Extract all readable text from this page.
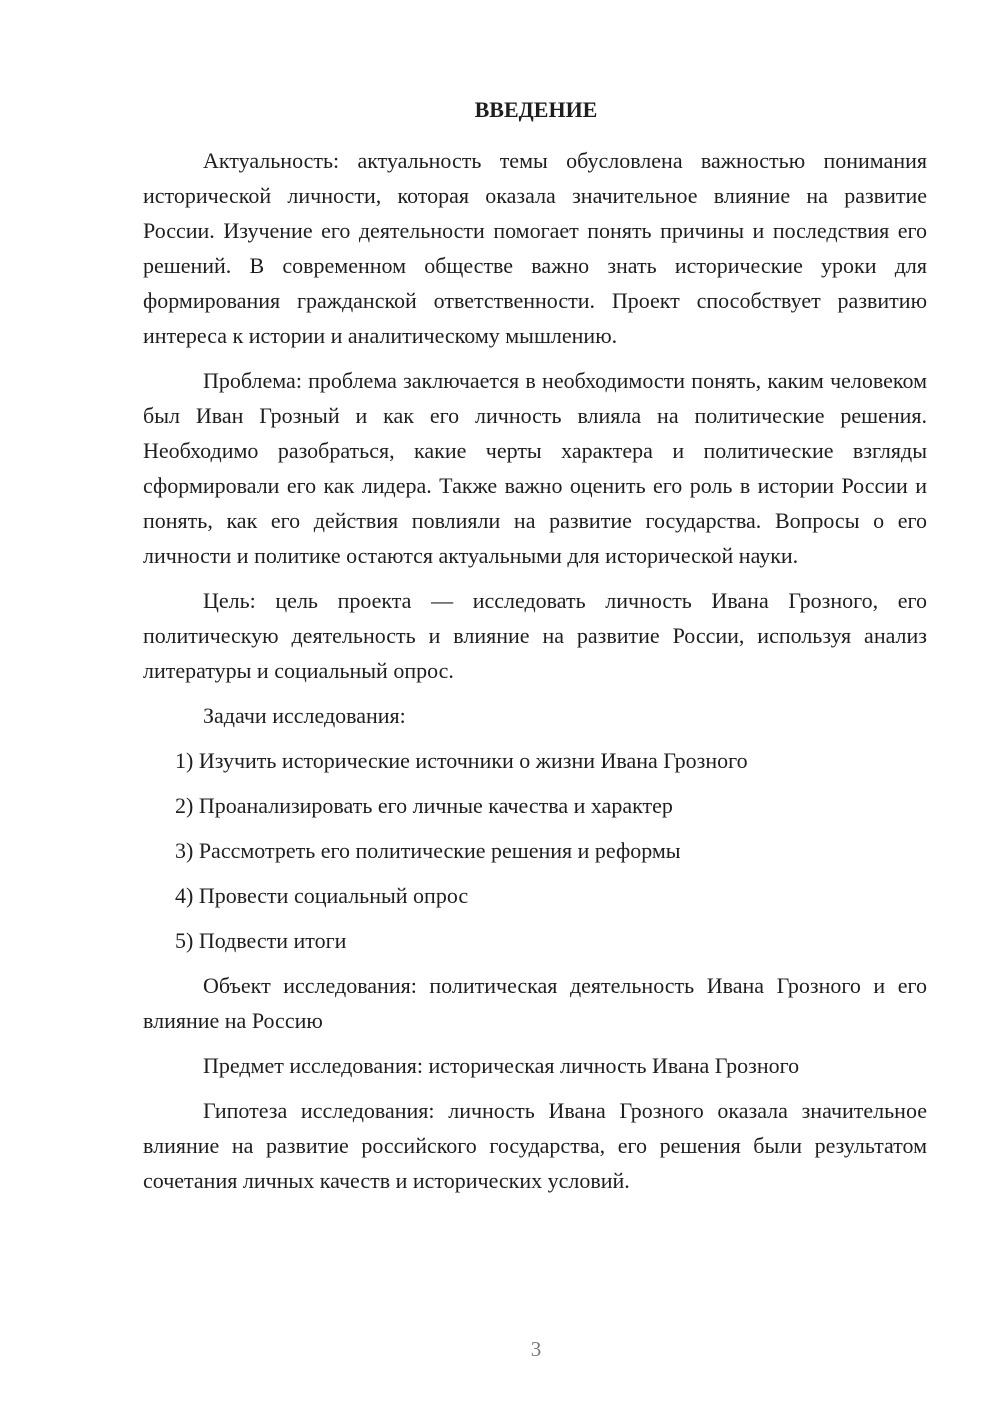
ВВЕДЕНИЕ

Актуальность: актуальность темы обусловлена важностью понимания исторической личности, которая оказала значительное влияние на развитие России. Изучение его деятельности помогает понять причины и последствия его решений. В современном обществе важно знать исторические уроки для формирования гражданской ответственности. Проект способствует развитию интереса к истории и аналитическому мышлению.

Проблема: проблема заключается в необходимости понять, каким человеком был Иван Грозный и как его личность влияла на политические решения. Необходимо разобраться, какие черты характера и политические взгляды сформировали его как лидера. Также важно оценить его роль в истории России и понять, как его действия повлияли на развитие государства. Вопросы о его личности и политике остаются актуальными для исторической науки.

Цель: цель проекта — исследовать личность Ивана Грозного, его политическую деятельность и влияние на развитие России, используя анализ литературы и социальный опрос.

Задачи исследования:

1) Изучить исторические источники о жизни Ивана Грозного
2) Проанализировать его личные качества и характер
3) Рассмотреть его политические решения и реформы
4) Провести социальный опрос
5) Подвести итоги

Объект исследования: политическая деятельность Ивана Грозного и его влияние на Россию

Предмет исследования: историческая личность Ивана Грозного

Гипотеза исследования: личность Ивана Грозного оказала значительное влияние на развитие российского государства, его решения были результатом сочетания личных качеств и исторических условий.

3
